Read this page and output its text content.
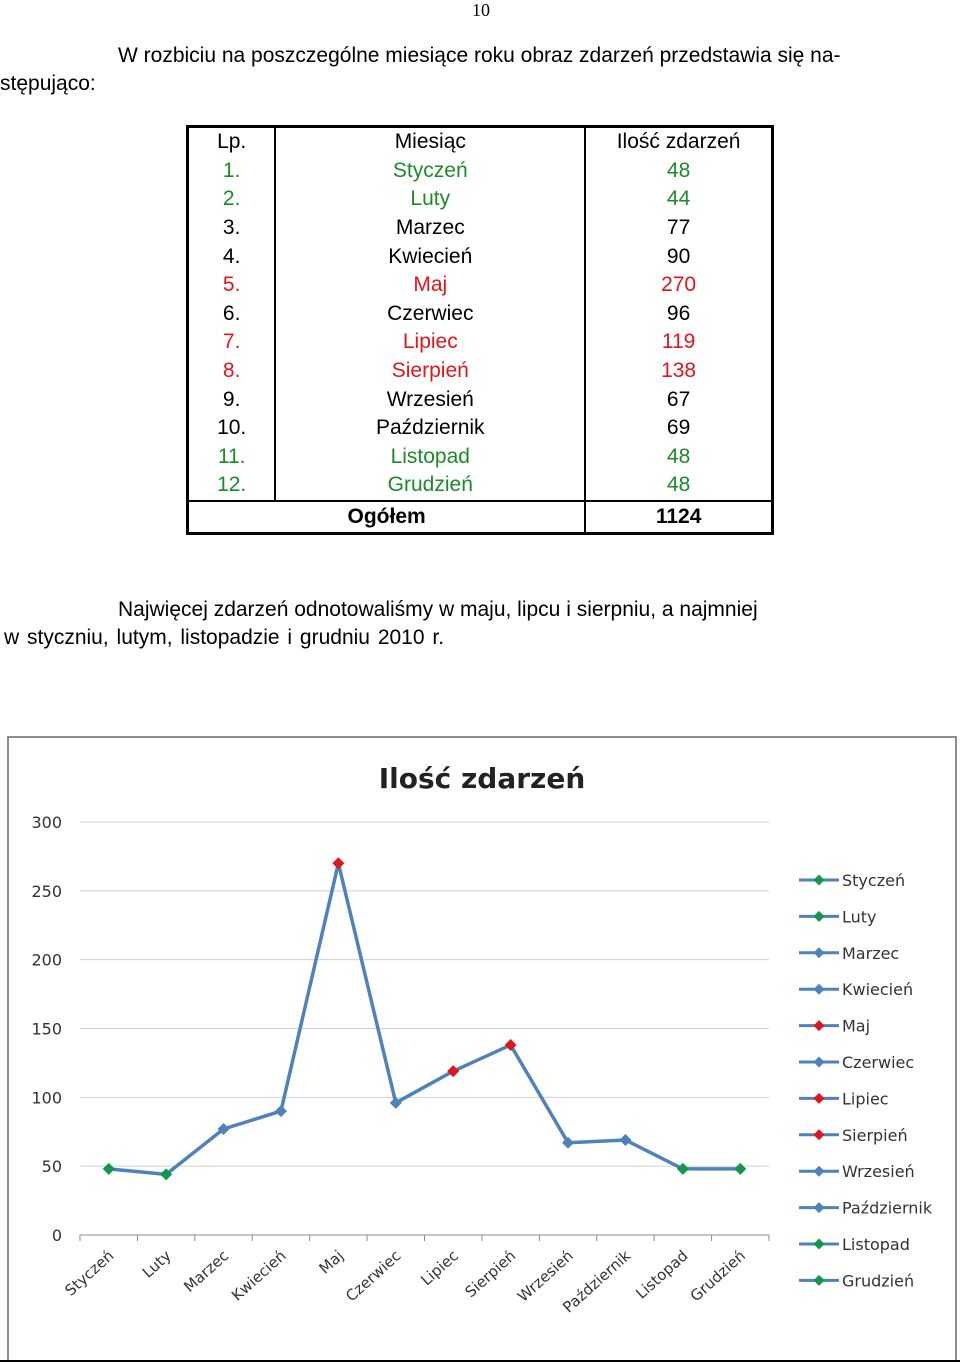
10
W rozbiciu na poszczególne miesiące roku obraz zdarzeń przedstawia się na-
stępująco:
Lp.	Miesiąc	Ilość zdarzeń
1.	Styczeń	48
2.	Luty	44
3.	Marzec	77
4.	Kwiecień	90
5.	Maj	270
6.	Czerwiec	96
7.	Lipiec	119
8.	Sierpień	138
9.	Wrzesień	67
10.	Październik	69
11.	Listopad	48
12.	Grudzień	48
Ogółem		1124
Najwięcej zdarzeń odnotowaliśmy w maju, lipcu i sierpniu, a najmniej
w styczniu, lutym, listopadzie i grudniu 2010 r.
Ilość zdarzeń
0
50
100
150
200
250
300
Styczeń Luty Marzec
Kwiecień Maj
Czerwiec Lipiec Sierpień
Wrzesień
Październik
Listopad
Grudzień
Styczeń
Luty
Marzec
Kwiecień
Maj
Czerwiec
Lipiec
Sierpień
Wrzesień
Październik
Listopad
Grudzień
